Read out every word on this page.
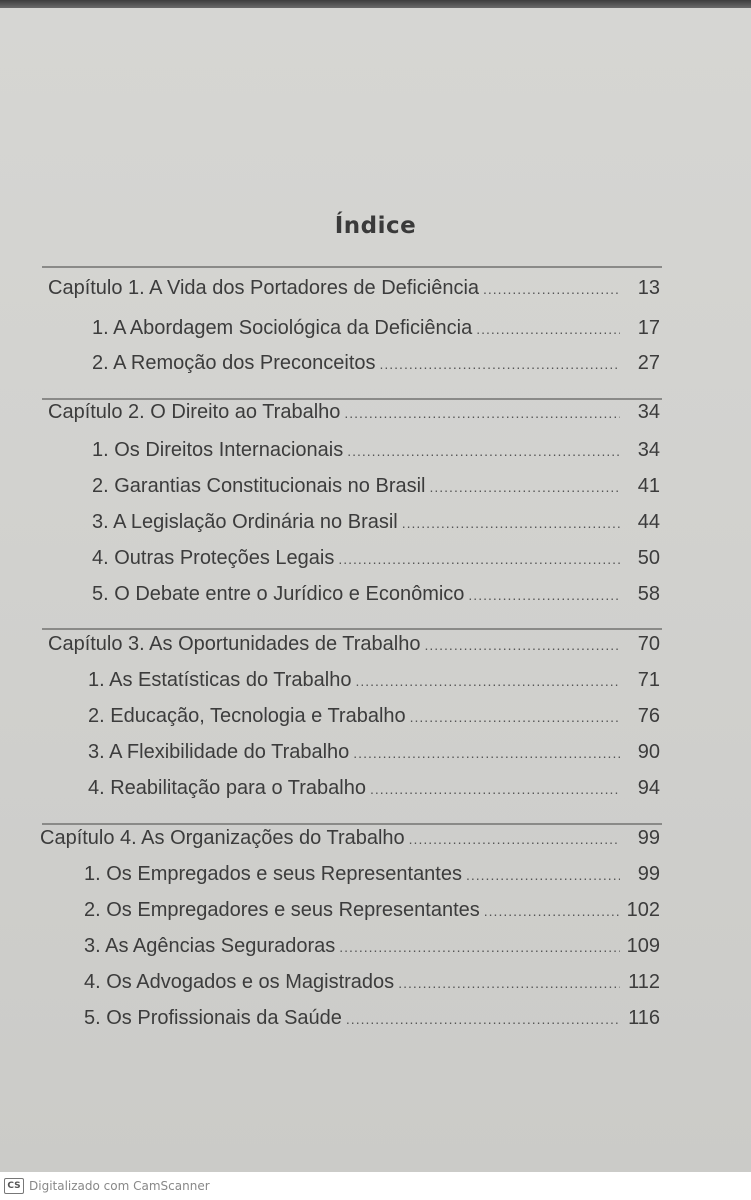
Índice
Capítulo 1. A Vida dos Portadores de Deficiência .....	13
1. A Abordagem Sociológica da Deficiência .....	17
2. A Remoção dos Preconceitos .....	27
Capítulo 2. O Direito ao Trabalho .....	34
1. Os Direitos Internacionais .....	34
2. Garantias Constitucionais no Brasil .....	41
3. A Legislação Ordinária no Brasil .....	44
4. Outras Proteções Legais .....	50
5. O Debate entre o Jurídico e Econômico .....	58
Capítulo 3. As Oportunidades de Trabalho .....	70
1. As Estatísticas do Trabalho .....	71
2. Educação, Tecnologia e Trabalho .....	76
3. A Flexibilidade do Trabalho .....	90
4. Reabilitação para o Trabalho .....	94
Capítulo 4. As Organizações do Trabalho .....	99
1. Os Empregados e seus Representantes .....	99
2. Os Empregadores e seus Representantes .....	102
3. As Agências Seguradoras .....	109
4. Os Advogados e os Magistrados .....	112
5. Os Profissionais da Saúde .....	116
CS Digitalizado com CamScanner
